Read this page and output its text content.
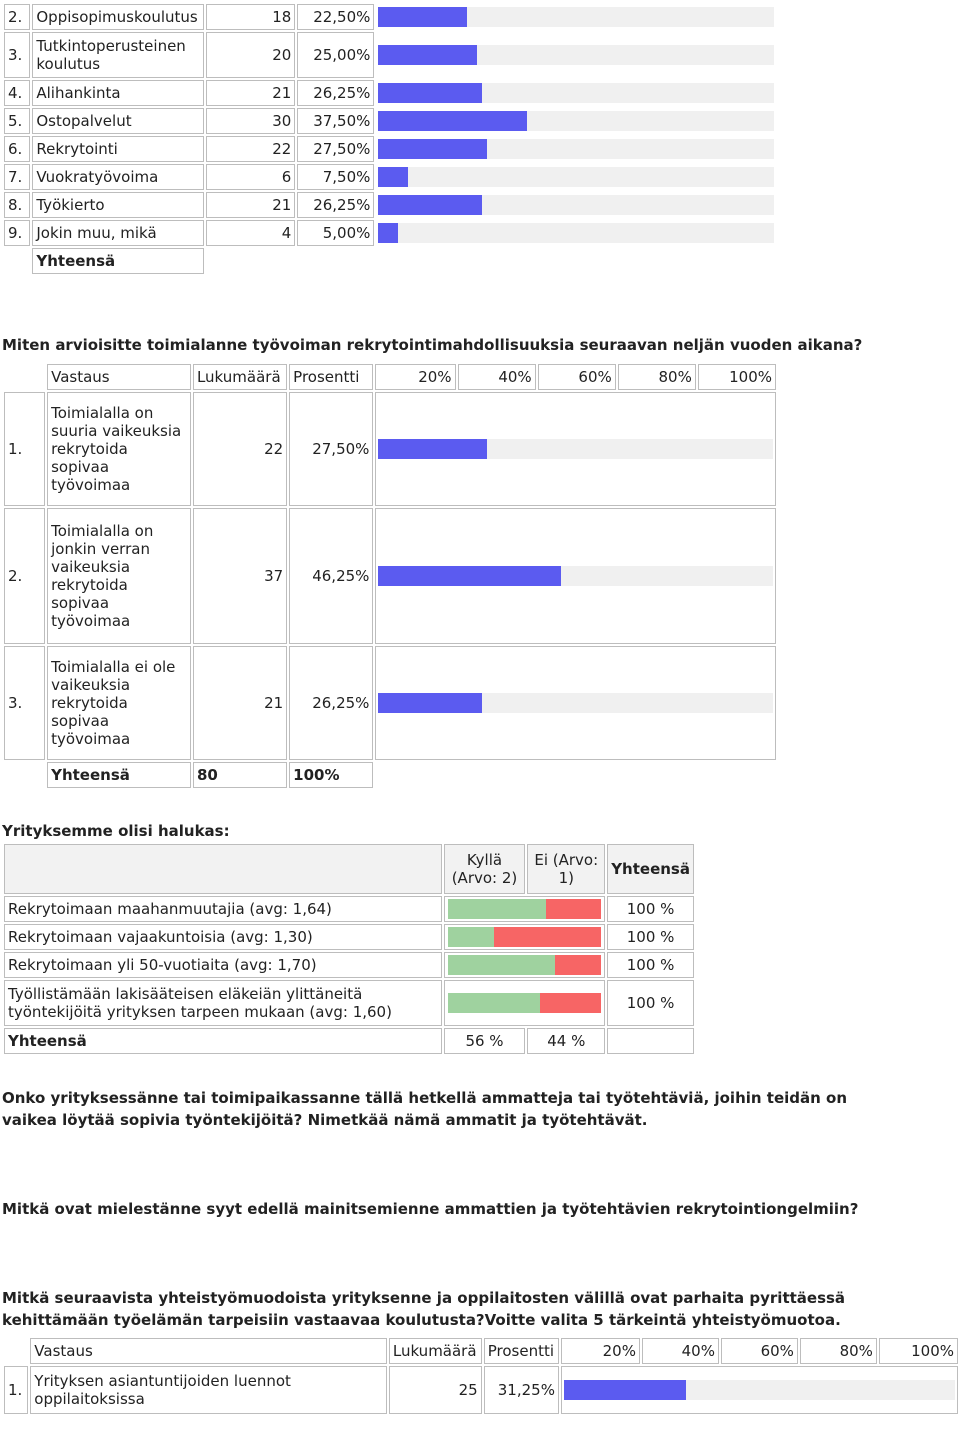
2.	Oppisopimuskoulutus	18	22,50%	

3.	Tutkintoperusteinen koulutus	20	25,00%	

4.	Alihankinta	21	26,25%	

5.	Ostopalvelut	30	37,50%	

6.	Rekrytointi	22	27,50%	

7.	Vuokratyövoima	6	7,50%	

8.	Työkierto	21	26,25%	

9.	Jokin muu, mikä	4	5,00%	

	Yhteensä			

Miten arvioisitte toimialanne työvoiman rekrytointimahdollisuuksia seuraavan neljän vuoden aikana?

	Vastaus	Lukumäärä	Prosentti	20%	40%	60%	80%	100%
1.	Toimialalla on suuria vaikeuksia rekrytoida sopivaa työvoimaa	22	27,50%					

2.	Toimialalla on jonkin verran vaikeuksia rekrytoida sopivaa työvoimaa	37	46,25%					

3.	Toimialalla ei ole vaikeuksia rekrytoida sopivaa työvoimaa	21	26,25%					

	Yhteensä	80	100%					

Yrityksemme olisi halukas:

	Kyllä (Arvo: 2)	Ei (Arvo: 1)	Yhteensä
Rekrytoimaan maahanmuutajia (avg: 1,64)			100 %
Rekrytoimaan vajaakuntoisia (avg: 1,30)			100 %
Rekrytoimaan yli 50-vuotiaita (avg: 1,70)			100 %
Työllistämään lakisääteisen eläkeiän ylittäneitä työntekijöitä yrityksen tarpeen mukaan (avg: 1,60)			100 %
Yhteensä	56 %	44 %	

Onko yrityksessänne tai toimipaikassanne tällä hetkellä ammatteja tai työtehtäviä, joihin teidän on vaikea löytää sopivia työntekijöitä? Nimetkää nämä ammatit ja työtehtävät.

Mitkä ovat mielestänne syyt edellä mainitsemienne ammattien ja työtehtävien rekrytointiongelmiin?

Mitkä seuraavista yhteistyömuodoista yrityksenne ja oppilaitosten välillä ovat parhaita pyrittäessä kehittämään työelämän tarpeisiin vastaavaa koulutusta?Voitte valita 5 tärkeintä yhteistyömuotoa.

	Vastaus	Lukumäärä	Prosentti	20%	40%	60%	80%	100%
1.	Yrityksen asiantuntijoiden luennot oppilaitoksissa	25	31,25%					
